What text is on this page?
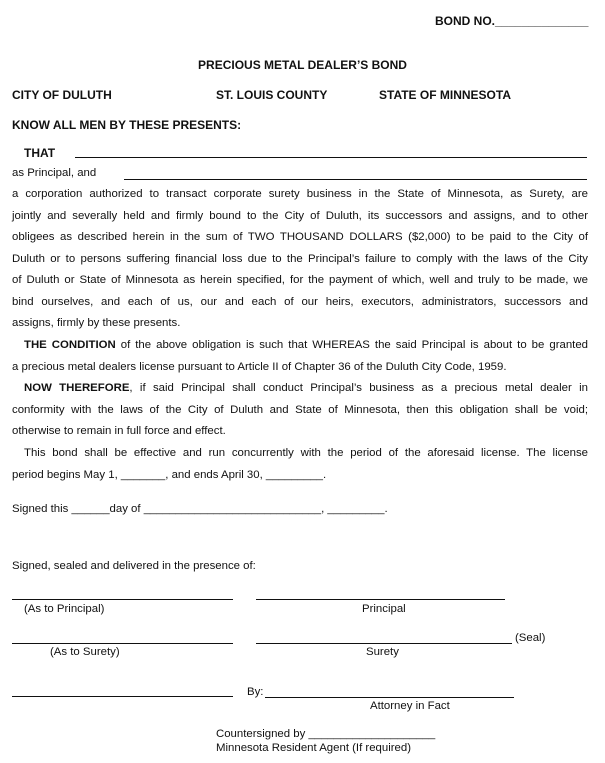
BOND NO.______________
PRECIOUS METAL DEALER’S BOND
CITY OF DULUTH	ST. LOUIS COUNTY	STATE OF MINNESOTA
KNOW ALL MEN BY THESE PRESENTS:
THAT
as Principal, and
a corporation authorized to transact corporate surety business in the State of Minnesota, as Surety, are
jointly and severally held and firmly bound to the City of Duluth, its successors and assigns, and to other
obligees as described herein in the sum of TWO THOUSAND DOLLARS ($2,000) to be paid to the City of
Duluth or to persons suffering financial loss due to the Principal’s failure to comply with the laws of the City
of Duluth or State of Minnesota as herein specified, for the payment of which, well and truly to be made, we
bind ourselves, and each of us, our and each of our heirs, executors, administrators, successors and
assigns, firmly by these presents.
THE CONDITION of the above obligation is such that WHEREAS the said Principal is about to be granted
a precious metal dealers license pursuant to Article II of Chapter 36 of the Duluth City Code, 1959.
NOW THEREFORE, if said Principal shall conduct Principal’s business as a precious metal dealer in
conformity with the laws of the City of Duluth and State of Minnesota, then this obligation shall be void;
otherwise to remain in full force and effect.
This bond shall be effective and run concurrently with the period of the aforesaid license. The license
period begins May 1, _______, and ends April 30, _________.
Signed this ______day of ____________________________, _________.
Signed, sealed and delivered in the presence of:
(As to Principal)	Principal
(Seal)
(As to Surety)	Surety
By:
Attorney in Fact
Countersigned by ____________________
Minnesota Resident Agent (If required)
